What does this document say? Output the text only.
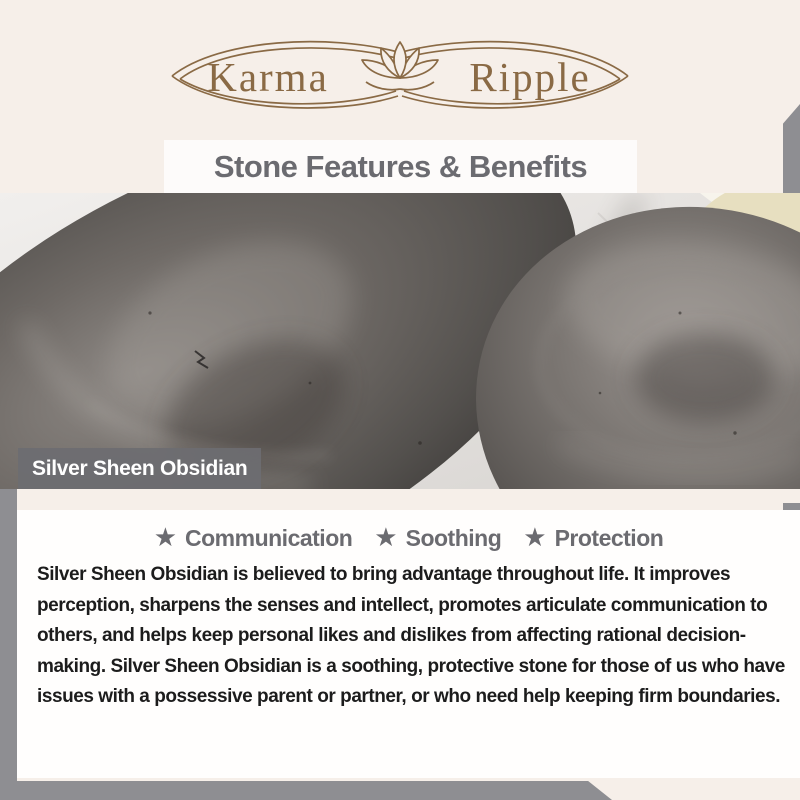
Karma	Ripple
Stone Features & Benefits
Silver Sheen Obsidian
★ Communication ★ Soothing ★ Protection

Silver Sheen Obsidian is believed to bring advantage throughout life. It improves perception, sharpens the senses and intellect, promotes articulate communication to others, and helps keep personal likes and dislikes from affecting rational decision-making. Silver Sheen Obsidian is a soothing, protective stone for those of us who have issues with a possessive parent or partner, or who need help keeping firm boundaries.
